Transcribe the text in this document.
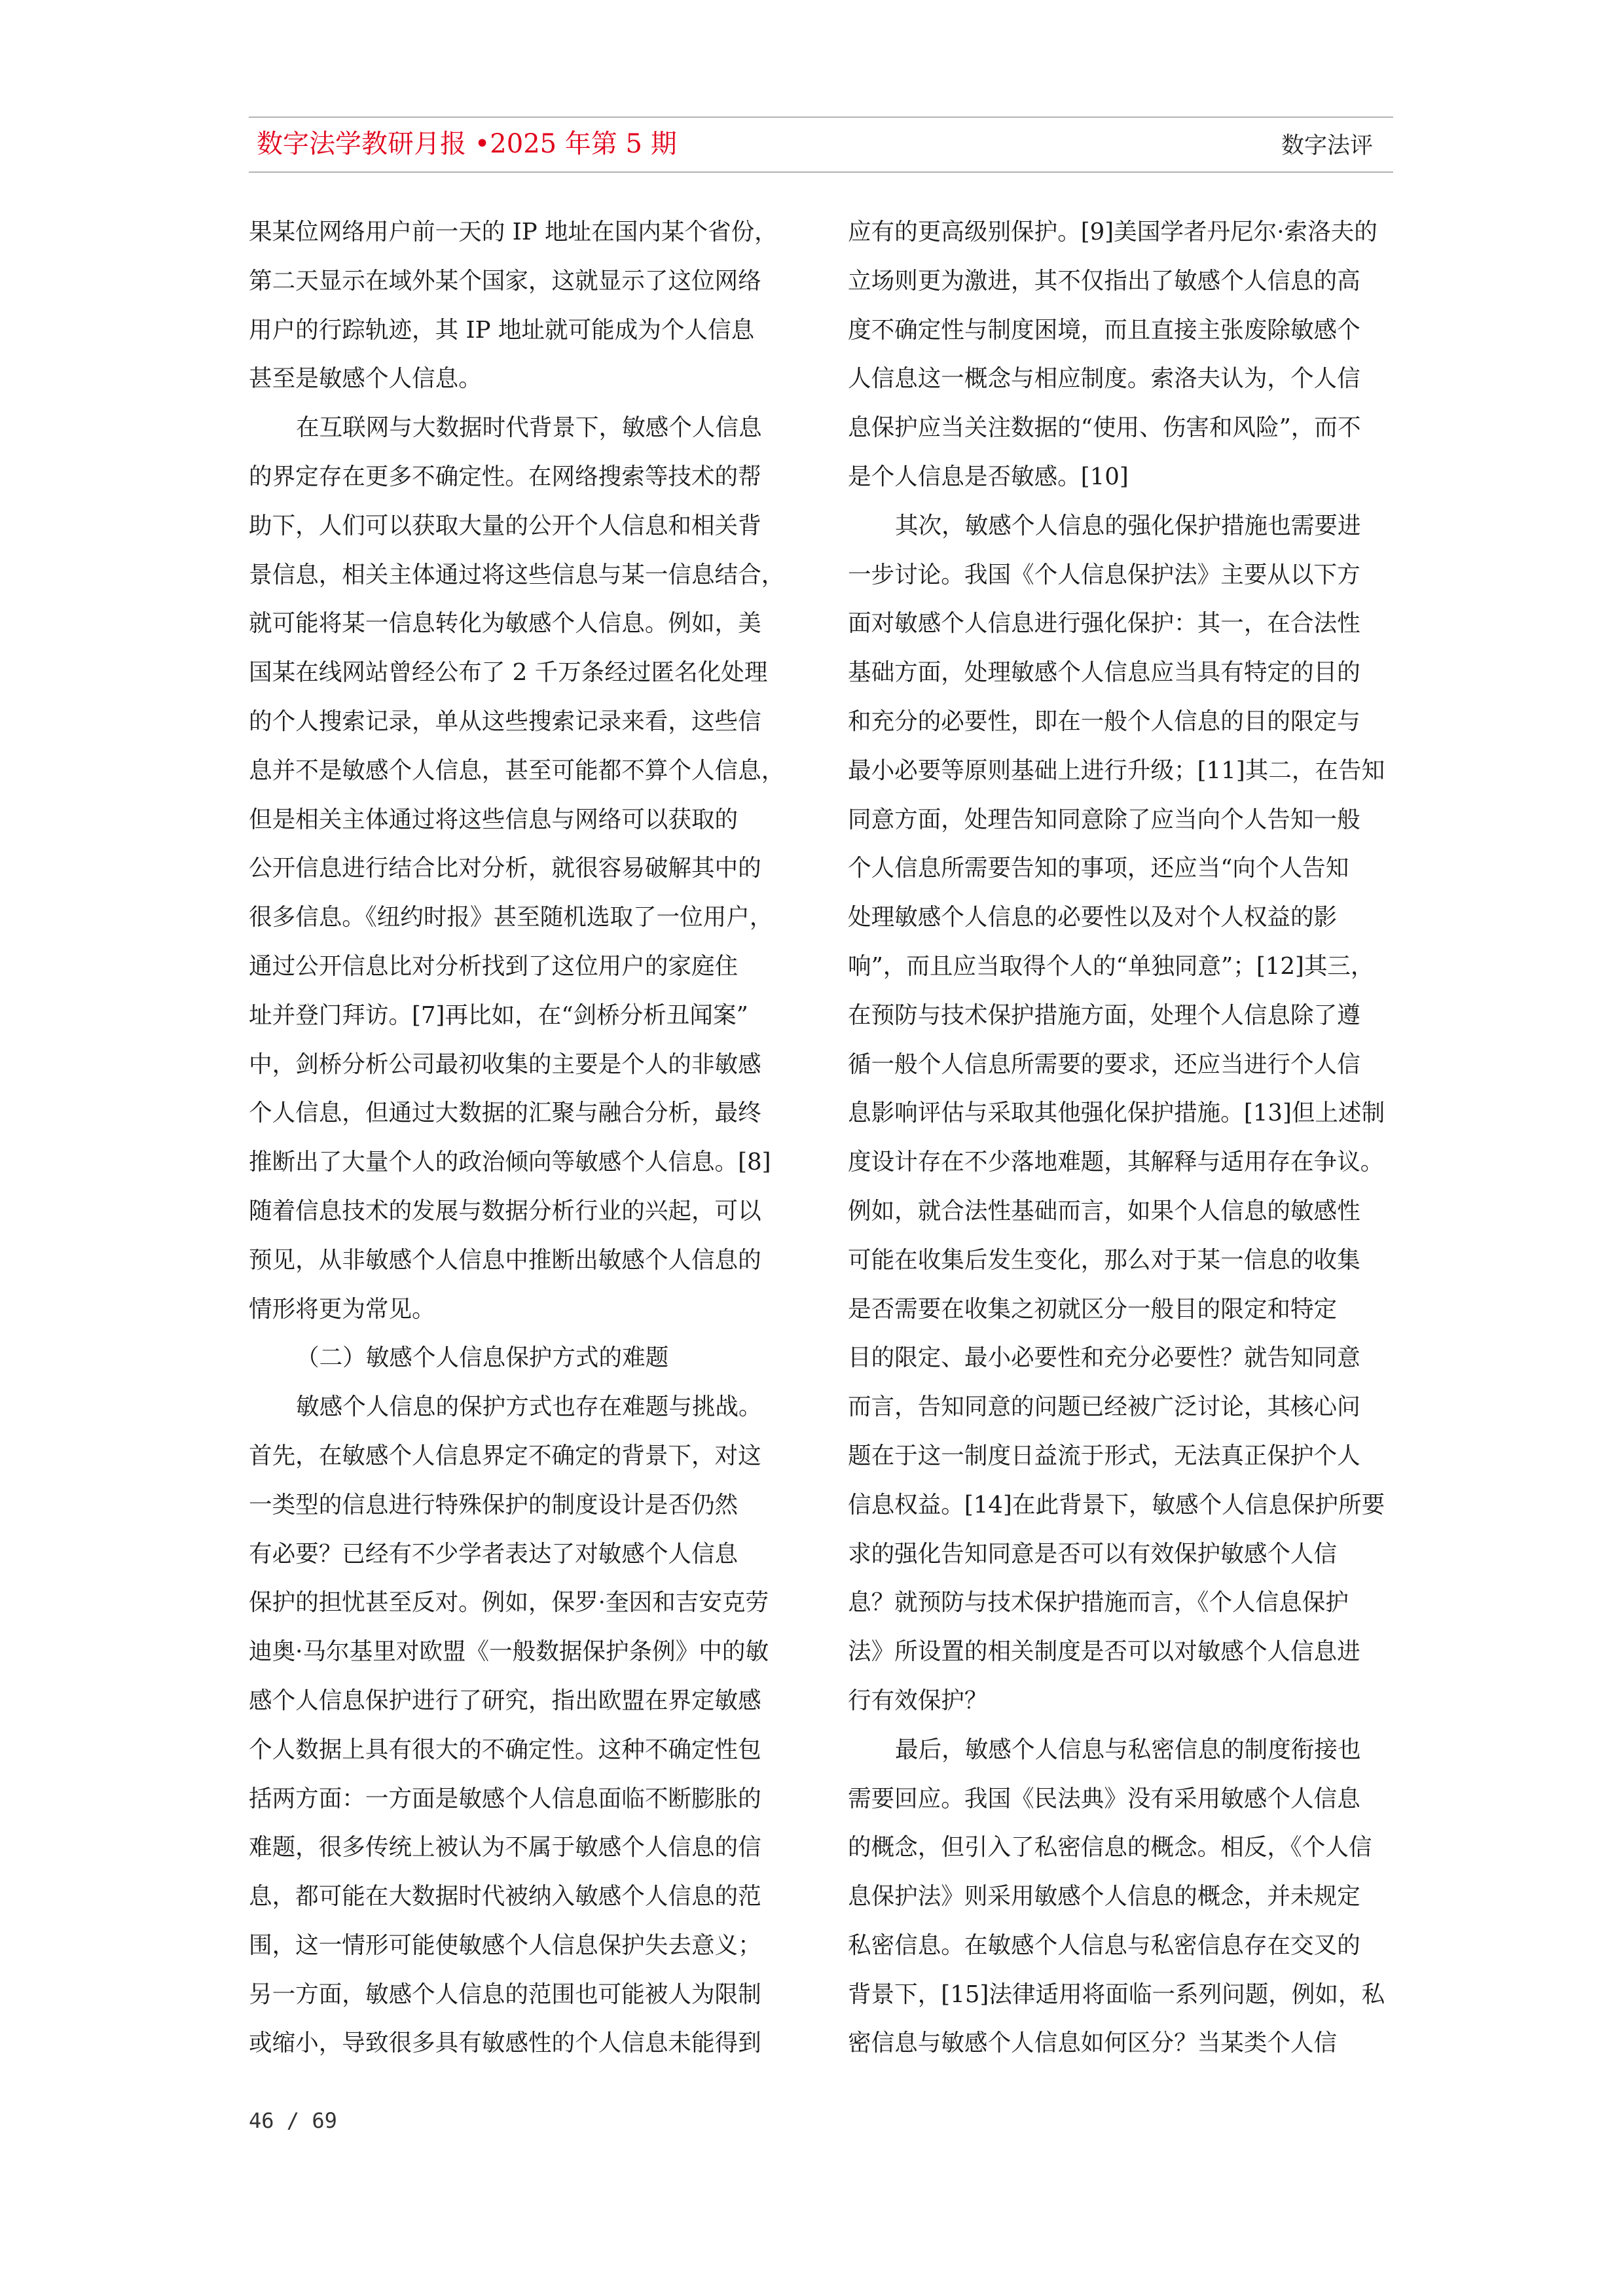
数字法学教研月报 •2025 年第 5 期	数字法评
果某位网络用户前一天的 IP 地址在国内某个省份，
第二天显示在域外某个国家，这就显示了这位网络
用户的行踪轨迹，其 IP 地址就可能成为个人信息
甚至是敏感个人信息。
在互联网与大数据时代背景下，敏感个人信息
的界定存在更多不确定性。在网络搜索等技术的帮
助下，人们可以获取大量的公开个人信息和相关背
景信息，相关主体通过将这些信息与某一信息结合，
就可能将某一信息转化为敏感个人信息。例如，美
国某在线网站曾经公布了 2 千万条经过匿名化处理
的个人搜索记录，单从这些搜索记录来看，这些信
息并不是敏感个人信息，甚至可能都不算个人信息，
但是相关主体通过将这些信息与网络可以获取的
公开信息进行结合比对分析，就很容易破解其中的
很多信息。《纽约时报》甚至随机选取了一位用户，
通过公开信息比对分析找到了这位用户的家庭住
址并登门拜访。[7]再比如，在“剑桥分析丑闻案”
中，剑桥分析公司最初收集的主要是个人的非敏感
个人信息，但通过大数据的汇聚与融合分析，最终
推断出了大量个人的政治倾向等敏感个人信息。[8]
随着信息技术的发展与数据分析行业的兴起，可以
预见，从非敏感个人信息中推断出敏感个人信息的
情形将更为常见。
（二）敏感个人信息保护方式的难题
敏感个人信息的保护方式也存在难题与挑战。
首先，在敏感个人信息界定不确定的背景下，对这
一类型的信息进行特殊保护的制度设计是否仍然
有必要？已经有不少学者表达了对敏感个人信息
保护的担忧甚至反对。例如，保罗·奎因和吉安克劳
迪奥·马尔基里对欧盟《一般数据保护条例》中的敏
感个人信息保护进行了研究，指出欧盟在界定敏感
个人数据上具有很大的不确定性。这种不确定性包
括两方面：一方面是敏感个人信息面临不断膨胀的
难题，很多传统上被认为不属于敏感个人信息的信
息，都可能在大数据时代被纳入敏感个人信息的范
围，这一情形可能使敏感个人信息保护失去意义；
另一方面，敏感个人信息的范围也可能被人为限制
或缩小，导致很多具有敏感性的个人信息未能得到
应有的更高级别保护。[9]美国学者丹尼尔·索洛夫的
立场则更为激进，其不仅指出了敏感个人信息的高
度不确定性与制度困境，而且直接主张废除敏感个
人信息这一概念与相应制度。索洛夫认为，个人信
息保护应当关注数据的“使用、伤害和风险”，而不
是个人信息是否敏感。[10]
其次，敏感个人信息的强化保护措施也需要进
一步讨论。我国《个人信息保护法》主要从以下方
面对敏感个人信息进行强化保护：其一，在合法性
基础方面，处理敏感个人信息应当具有特定的目的
和充分的必要性，即在一般个人信息的目的限定与
最小必要等原则基础上进行升级；[11]其二，在告知
同意方面，处理告知同意除了应当向个人告知一般
个人信息所需要告知的事项，还应当“向个人告知
处理敏感个人信息的必要性以及对个人权益的影
响”，而且应当取得个人的“单独同意”；[12]其三，
在预防与技术保护措施方面，处理个人信息除了遵
循一般个人信息所需要的要求，还应当进行个人信
息影响评估与采取其他强化保护措施。[13]但上述制
度设计存在不少落地难题，其解释与适用存在争议。
例如，就合法性基础而言，如果个人信息的敏感性
可能在收集后发生变化，那么对于某一信息的收集
是否需要在收集之初就区分一般目的限定和特定
目的限定、最小必要性和充分必要性？就告知同意
而言，告知同意的问题已经被广泛讨论，其核心问
题在于这一制度日益流于形式，无法真正保护个人
信息权益。[14]在此背景下，敏感个人信息保护所要
求的强化告知同意是否可以有效保护敏感个人信
息？就预防与技术保护措施而言，《个人信息保护
法》所设置的相关制度是否可以对敏感个人信息进
行有效保护？
最后，敏感个人信息与私密信息的制度衔接也
需要回应。我国《民法典》没有采用敏感个人信息
的概念，但引入了私密信息的概念。相反，《个人信
息保护法》则采用敏感个人信息的概念，并未规定
私密信息。在敏感个人信息与私密信息存在交叉的
背景下，[15]法律适用将面临一系列问题，例如，私
密信息与敏感个人信息如何区分？当某类个人信
46 / 69
